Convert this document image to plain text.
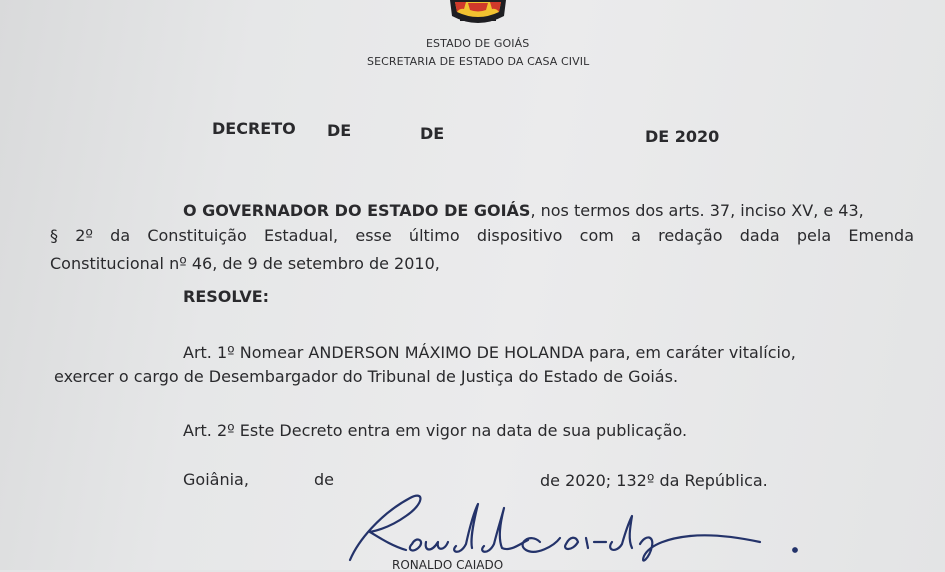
ESTADO DE GOIÁS
SECRETARIA DE ESTADO DA CASA CIVIL
DECRETO DE	DE	DE 2020
O GOVERNADOR DO ESTADO DE GOIÁS, nos termos dos arts. 37, inciso XV, e 43,
§ 2º da Constituição Estadual, esse último dispositivo com a redação dada pela Emenda
Constitucional nº 46, de 9 de setembro de 2010,
RESOLVE:
Art. 1º Nomear ANDERSON MÁXIMO DE HOLANDA para, em caráter vitalício,
exercer o cargo de Desembargador do Tribunal de Justiça do Estado de Goiás.
Art. 2º Este Decreto entra em vigor na data de sua publicação.
Goiânia,	de	de 2020; 132º da República.
RONALDO CAIADO
